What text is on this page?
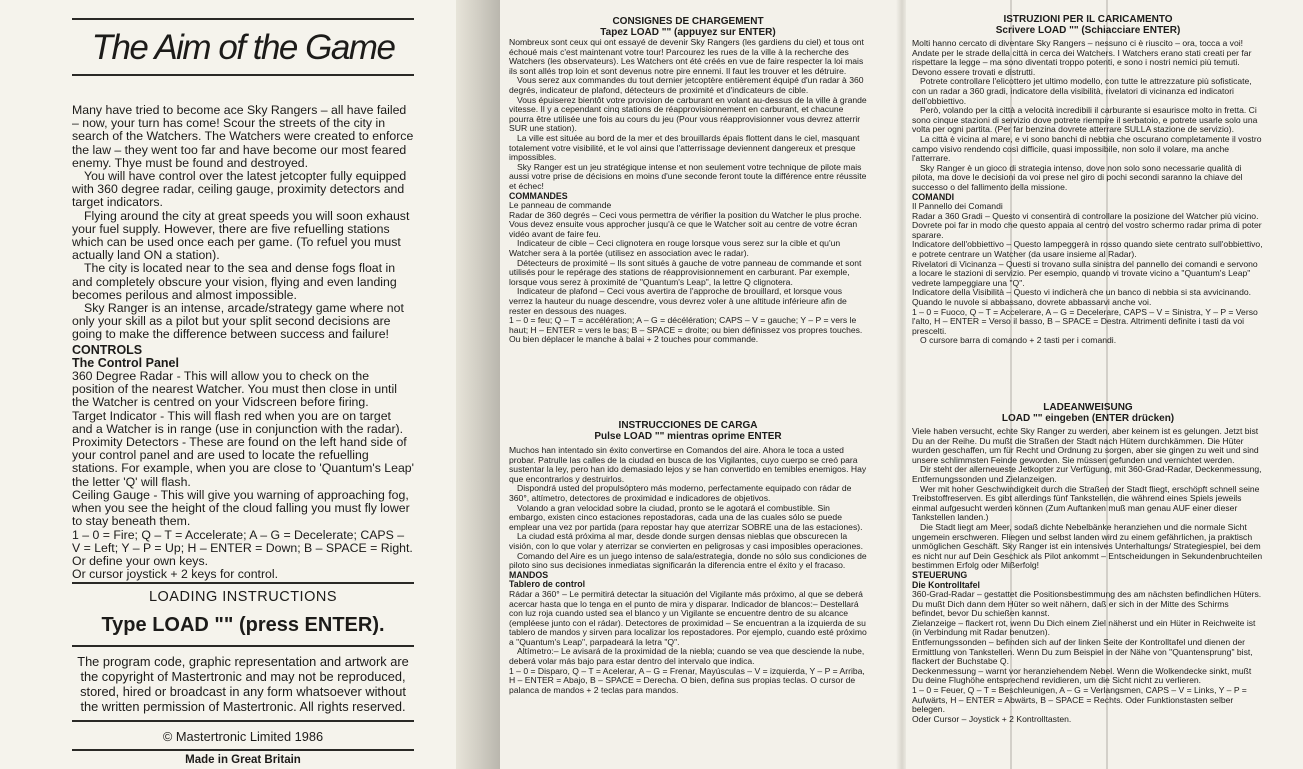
The Aim of the Game

Many have tried to become ace Sky Rangers – all have failed – now, your turn has come! Scour the streets of the city in search of the Watchers. The Watchers were created to enforce the law – they went too far and have become our most feared enemy. Thye must be found and destroyed.

You will have control over the latest jetcopter fully equipped with 360 degree radar, ceiling gauge, proximity detectors and target indicators.

Flying around the city at great speeds you will soon exhaust your fuel supply. However, there are five refuelling stations which can be used once each per game. (To refuel you must actually land ON a station).

The city is located near to the sea and dense fogs float in and completely obscure your vision, flying and even landing becomes perilous and almost impossible.

Sky Ranger is an intense, arcade/strategy game where not only your skill as a pilot but your split second decisions are going to make the difference between success and failure!

CONTROLS
The Control Panel

360 Degree Radar - This will allow you to check on the position of the nearest Watcher. You must then close in until the Watcher is centred on your Vidscreen before firing.

Target Indicator - This will flash red when you are on target and a Watcher is in range (use in conjunction with the radar).

Proximity Detectors - These are found on the left hand side of your control panel and are used to locate the refuelling stations. For example, when you are close to 'Quantum's Leap' the letter 'Q' will flash.

Ceiling Gauge - This will give you warning of approaching fog, when you see the height of the cloud falling you must fly lower to stay beneath them.

1 – 0 = Fire; Q – T = Accelerate; A – G = Decelerate; CAPS – V = Left; Y – P = Up; H – ENTER = Down; B – SPACE = Right. Or define your own keys.

Or cursor joystick + 2 keys for control.

LOADING INSTRUCTIONS
Type LOAD "" (press ENTER).
The program code, graphic representation and artwork are the copyright of Mastertronic and may not be reproduced, stored, hired or broadcast in any form whatsoever without the written permission of Mastertronic. All rights reserved.
© Mastertronic Limited 1986
Made in Great Britain
CONSIGNES DE CHARGEMENT
Tapez LOAD "" (appuyez sur ENTER)

Nombreux sont ceux qui ont essayé de devenir Sky Rangers (les gardiens du ciel) et tous ont échoué mais c'est maintenant votre tour! Parcourez les rues de la ville à la recherche des Watchers (les observateurs). Les Watchers ont été créés en vue de faire respecter la loi mais ils sont allés trop loin et sont devenus notre pire ennemi. Il faut les trouver et les détruire.

Vous serez aux commandes du tout dernier jetcoptère entièrement équipé d'un radar à 360 degrés, indicateur de plafond, détecteurs de proximité et d'indicateurs de cible.

Vous épuiserez bientôt votre provision de carburant en volant au-dessus de la ville à grande vitesse. Il y a cependant cinq stations de réapprovisionnement en carburant, et chacune pourra être utilisée une fois au cours du jeu (Pour vous réapprovisionner vous devrez atterrir SUR une station).

La ville est située au bord de la mer et des brouillards épais flottent dans le ciel, masquant totalement votre visibilité, et le vol ainsi que l'atterrissage deviennent dangereux et presque impossibles.

Sky Ranger est un jeu stratégique intense et non seulement votre technique de pilote mais aussi votre prise de décisions en moins d'une seconde feront toute la différence entre réussite et échec!

COMMANDES

Le panneau de commande

Radar de 360 degrés – Ceci vous permettra de vérifier la position du Watcher le plus proche. Vous devez ensuite vous approcher jusqu'à ce que le Watcher soit au centre de votre écran vidéo avant de faire feu.

Indicateur de cible – Ceci clignotera en rouge lorsque vous serez sur la cible et qu'un Watcher sera à la portée (utilisez en association avec le radar).

Détecteurs de proximité – Ils sont situés à gauche de votre panneau de commande et sont utilisés pour le repérage des stations de réapprovisionnement en carburant. Par exemple, lorsque vous serez à proximité de "Quantum's Leap", la lettre Q clignotera.

Indicateur de plafond – Ceci vous avertira de l'approche de brouillard, et lorsque vous verrez la hauteur du nuage descendre, vous devrez voler à une altitude inférieure afin de rester en dessous des nuages.

1 – 0 = feu; Q – T = accélération; A – G = décélération; CAPS – V = gauche; Y – P = vers le haut; H – ENTER = vers le bas; B – SPACE = droite; ou bien définissez vos propres touches.

Ou bien déplacer le manche à balai + 2 touches pour commande.

INSTRUCCIONES DE CARGA
Pulse LOAD "" mientras oprime ENTER

Muchos han intentado sin éxito convertirse en Comandos del aire. Ahora le toca a usted probar. Patrulle las calles de la ciudad en busca de los Vigilantes, cuyo cuerpo se creó para sustentar la ley, pero han ido demasiado lejos y se han convertido en temibles enemigos. Hay que encontrarlos y destruirlos.

Dispondrá usted del propulsóptero más moderno, perfectamente equipado con rádar de 360°, altímetro, detectores de proximidad e indicadores de objetivos.

Volando a gran velocidad sobre la ciudad, pronto se le agotará el combustible. Sin embargo, existen cinco estaciones repostadoras, cada una de las cuales sólo se puede emplear una vez por partida (para repostar hay que aterrizar SOBRE una de las estaciones).

La ciudad está próxima al mar, desde donde surgen densas nieblas que obscurecen la visión, con lo que volar y aterrizar se convierten en peligrosas y casi imposibles operaciones.

Comando del Aire es un juego intenso de sala/estrategia, donde no sólo sus condiciones de piloto sino sus decisiones inmediatas significarán la diferencia entre el éxito y el fracaso.

MANDOS
Tablero de control

Rádar a 360° – Le permitirá detectar la situación del Vigilante más próximo, al que se deberá acercar hasta que lo tenga en el punto de mira y disparar. Indicador de blancos:– Destellará con luz roja cuando usted sea el blanco y un Vigilante se encuentre dentro de su alcance (empléese junto con el rádar). Detectores de proximidad – Se encuentran a la izquierda de su tablero de mandos y sirven para localizar los repostadores. Por ejemplo, cuando esté próximo a "Quantum's Leap", parpadeará la letra "Q".

Altímetro:– Le avisará de la proximidad de la niebla; cuando se vea que desciende la nube, deberá volar más bajo para estar dentro del intervalo que indica.

1 – 0 = Disparo, Q – T = Acelerar, A – G = Frenar, Mayúsculas – V = izquierda, Y – P = Arriba, H – ENTER = Abajo, B – SPACE = Derecha. O bien, defina sus propias teclas. O cursor de palanca de mandos + 2 teclas para mandos.

ISTRUZIONI PER IL CARICAMENTO
Scrivere LOAD "" (Schiacciare ENTER)

Molti hanno cercato di diventare Sky Rangers – nessuno ci è riuscito – ora, tocca a voi! Andate per le strade della città in cerca dei Watchers. I Watchers erano stati creati per far rispettare la legge – ma sono diventati troppo potenti, e sono i nostri nemici più temuti. Devono essere trovati e distrutti.

Potrete controllare l'elicottero jet ultimo modello, con tutte le attrezzature più sofisticate, con un radar a 360 gradi, indicatore della visibilità, rivelatori di vicinanza ed indicatori dell'obbiettivo.

Però, volando per la città a velocità incredibili il carburante si esaurisce molto in fretta. Ci sono cinque stazioni di servizio dove potrete riempire il serbatoio, e potrete usarle solo una volta per ogni partita. (Per far benzina dovrete atterrare SULLA stazione de servizio).

La città è vicina al mare, e vi sono banchi di nebbia che oscurano completamente il vostro campo visivo rendendo così difficile, quasi impossibile, non solo il volare, ma anche l'atterrare.

Sky Ranger è un gioco di strategia intenso, dove non solo sono necessarie qualità di pilota, ma dove le decisioni da voi prese nel giro di pochi secondi saranno la chiave del successo o del fallimento della missione.

COMANDI

Il Pannello dei Comandi

Radar a 360 Gradi – Questo vi consentirà di controllare la posizione del Watcher più vicino. Dovrete poi far in modo che questo appaia al centro del vostro schermo radar prima di poter sparare.

Indicatore dell'obbiettivo – Questo lampeggerà in rosso quando siete centrato sull'obbiettivo, e potrete centrare un Watcher (da usare insieme al Radar).

Rivelatori di Vicinanza – Questi si trovano sulla sinistra del pannello dei comandi e servono a locare le stazioni di servizio. Per esempio, quando vi trovate vicino a "Quantum's Leap" vedrete lampeggiare una "Q".

Indicatore della Visibilità – Questo vi indicherà che un banco di nebbia si sta avvicinando. Quando le nuvole si abbassano, dovrete abbassarvi anche voi.

1 – 0 = Fuoco, Q – T = Accelerare, A – G = Decelerare, CAPS – V = Sinistra, Y – P = Verso l'alto, H – ENTER = Verso il basso, B – SPACE = Destra. Altrimenti definite i tasti da voi prescelti.

O cursore barra di comando + 2 tasti per i comandi.

LADEANWEISUNG
LOAD "" eingeben (ENTER drücken)

Viele haben versucht, echte Sky Ranger zu werden, aber keinem ist es gelungen. Jetzt bist Du an der Reihe. Du mußt die Straßen der Stadt nach Hütern durchkämmen. Die Hüter wurden geschaffen, um für Recht und Ordnung zu sorgen, aber sie gingen zu weit und sind unsere schlimmsten Feinde geworden. Sie müssen gefunden und vernichtet werden.

Dir steht der allerneueste Jetkopter zur Verfügung, mit 360-Grad-Radar, Deckenmessung, Entfernungssonden und Zielanzeigen.

Wer mit hoher Geschwindigkeit durch die Straßen der Stadt fliegt, erschöpft schnell seine Treibstoffreserven. Es gibt allerdings fünf Tankstellen, die während eines Spiels jeweils einmal aufgesucht werden können (Zum Auftanken muß man genau AUF einer dieser Tankstellen landen.)

Die Stadt liegt am Meer, sodaß dichte Nebelbänke heranziehen und die normale Sicht ungemein erschweren. Fliegen und selbst landen wird zu einem gefährlichen, ja praktisch unmöglichen Geschäft. Sky Ranger ist ein intensives Unterhaltungs/ Strategiespiel, bei dem es nicht nur auf Dein Geschick als Pilot ankommt – Entscheidungen in Sekundenbruchteilen bestimmen Erfolg oder Mißerfolg!

STEUERUNG
Die Kontrolltafel

360-Grad-Radar – gestattet die Positionsbestimmung des am nächsten befindlichen Hüters. Du mußt Dich dann dem Hüter so weit nähern, daß er sich in der Mitte des Schirms befindet, bevor Du schießen kannst.

Zielanzeige – flackert rot, wenn Du Dich einem Ziel näherst und ein Hüter in Reichweite ist (in Verbindung mit Radar benutzen).

Entfernungssonden – befinden sich auf der linken Seite der Kontrolltafel und dienen der Ermittlung von Tankstellen. Wenn Du zum Beispiel in der Nähe von "Quantensprung" bist, flackert der Buchstabe Q.

Deckenmessung – warnt vor heranziehendem Nebel. Wenn die Wolkendecke sinkt, mußt Du deine Flughöhe entsprechend revidieren, um die Sicht nicht zu verlieren.

1 – 0 = Feuer, Q – T = Beschleunigen, A – G = Verlangsmen, CAPS – V = Links, Y – P = Aufwärts, H – ENTER = Abwärts, B – SPACE = Rechts. Oder Funktionstasten selber belegen.

Oder Cursor – Joystick + 2 Kontrolltasten.
